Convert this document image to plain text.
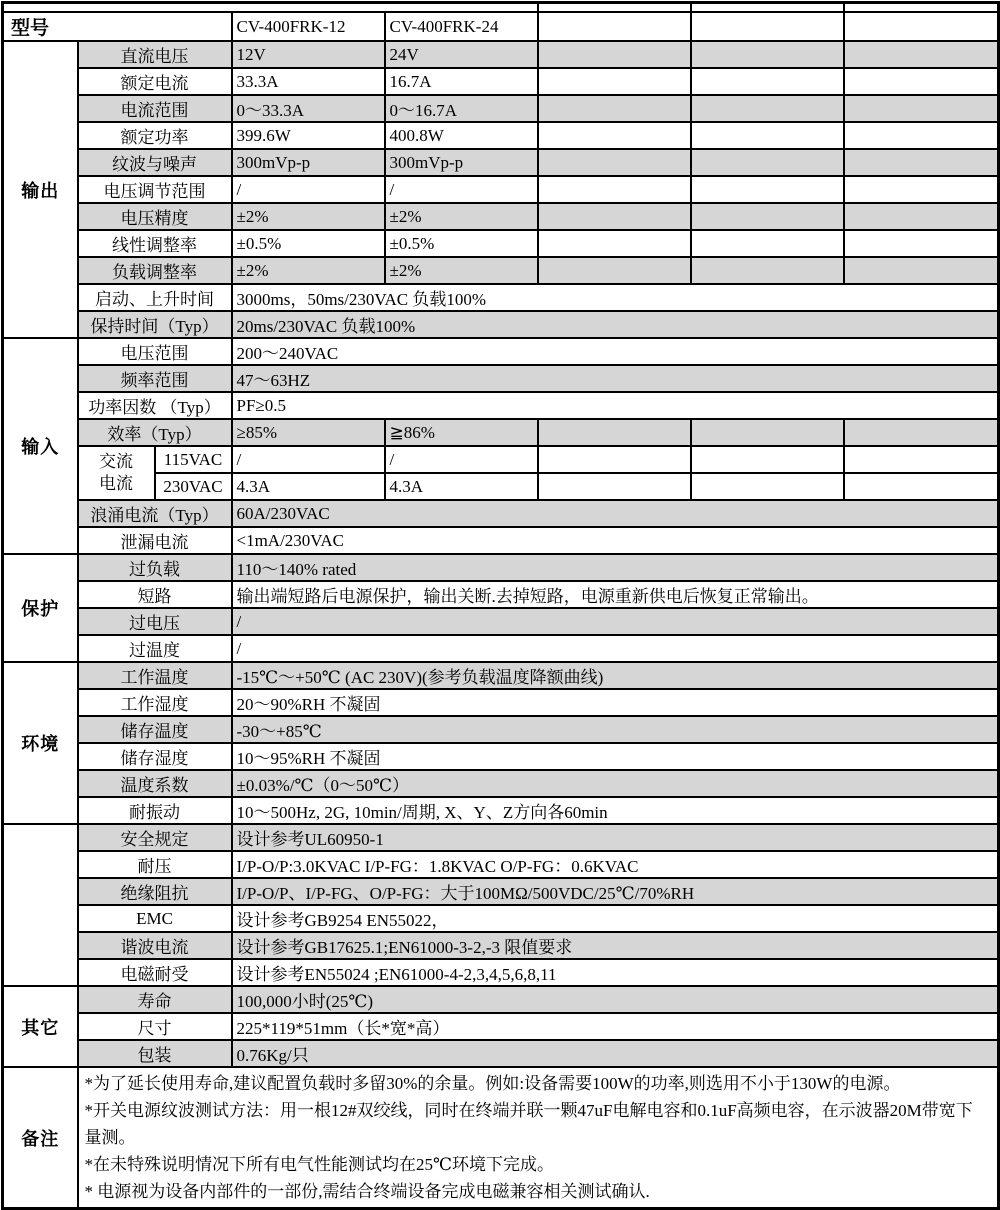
型号			CV-400FRK-12	CV-400FRK-24			
输出	直流电压		12V	24V			
	额定电流		33.3A	16.7A			
	电流范围		0～33.3A	0～16.7A			
	额定功率		399.6W	400.8W			
	纹波与噪声		300mVp-p	300mVp-p			
	电压调节范围		/	/			
	电压精度		±2%	±2%			
	线性调整率		±0.5%	±0.5%			
	负载调整率		±2%	±2%			
	启动、上升时间		3000ms，50ms/230VAC 负载100%				
	保持时间（Typ）		20ms/230VAC 负载100%				
输入	电压范围		200～240VAC				
	频率范围		47～63HZ				
	功率因数 （Typ）		PF≥0.5				
	效率（Typ）		≥85%	≧86%			

	交流电流	115VAC	/	/			
		230VAC	4.3A	4.3A			
	浪涌电流（Typ）		60A/230VAC				
	泄漏电流		<1mA/230VAC				
保护	过负载		110～140% rated				
	短路		输出端短路后电源保护，输出关断.去掉短路，电源重新供电后恢复正常输出。				
	过电压		/				
	过温度		/				
环境	工作温度		-15℃～+50℃ (AC 230V)(参考负载温度降额曲线)				
	工作湿度		20～90%RH 不凝固				
	储存温度		-30～+85℃				
	储存湿度		10～95%RH 不凝固				
	温度系数		±0.03%/℃（0～50℃）				
	耐振动		10～500Hz, 2G, 10min/周期, X、Y、Z方向各60min				
	安全规定		设计参考UL60950-1				
	耐压		I/P-O/P:3.0KVAC I/P-FG：1.8KVAC O/P-FG：0.6KVAC				
	绝缘阻抗		I/P-O/P、I/P-FG、O/P-FG：大于100MΩ/500VDC/25℃/70%RH				
	EMC		设计参考GB9254 EN55022，				
	谐波电流		设计参考GB17625.1;EN61000-3-2,-3 限值要求				
	电磁耐受		设计参考EN55024 ;EN61000-4-2,3,4,5,6,8,11				
其它	寿命		100,000小时(25℃)				
	尺寸		225*119*51mm（长*宽*高）				
	包装		0.76Kg/只				
备注	*为了延长使用寿命,建议配置负载时多留30%的余量。例如:设备需要100W的功率,则选用不小于130W的电源。
*开关电源纹波测试方法：用一根12#双绞线，同时在终端并联一颗47uF电解电容和0.1uF高频电容，在示波器20M带宽下量测。
*在未特殊说明情况下所有电气性能测试均在25℃环境下完成。
* 电源视为设备内部件的一部份,需结合终端设备完成电磁兼容相关测试确认.						
